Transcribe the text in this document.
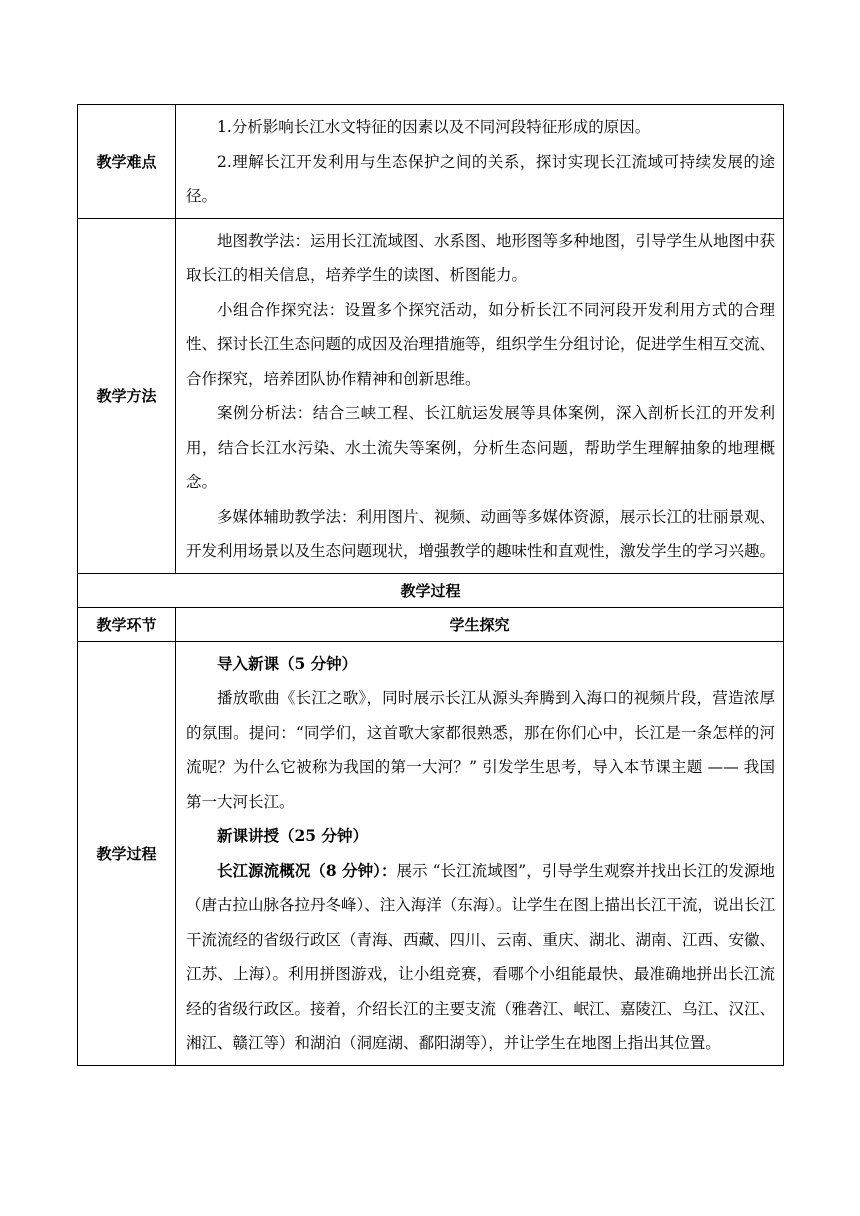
教学难点	1.分析影响长江水文特征的因素以及不同河段特征形成的原因。

2.理解长江开发利用与生态保护之间的关系，探讨实现长江流域可持续发展的途径。

教学方法	地图教学法：运用长江流域图、水系图、地形图等多种地图，引导学生从地图中获取长江的相关信息，培养学生的读图、析图能力。

小组合作探究法：设置多个探究活动，如分析长江不同河段开发利用方式的合理性、探讨长江生态问题的成因及治理措施等，组织学生分组讨论，促进学生相互交流、合作探究，培养团队协作精神和创新思维。

案例分析法：结合三峡工程、长江航运发展等具体案例，深入剖析长江的开发利用，结合长江水污染、水土流失等案例，分析生态问题，帮助学生理解抽象的地理概念。

多媒体辅助教学法：利用图片、视频、动画等多媒体资源，展示长江的壮丽景观、开发利用场景以及生态问题现状，增强教学的趣味性和直观性，激发学生的学习兴趣。

教学过程	
教学环节	学生探究
教学过程	导入新课（5 分钟）

播放歌曲《长江之歌》，同时展示长江从源头奔腾到入海口的视频片段，营造浓厚的氛围。提问：“同学们，这首歌大家都很熟悉，那在你们心中，长江是一条怎样的河流呢？为什么它被称为我国的第一大河？” 引发学生思考，导入本节课主题 —— 我国第一大河长江。

新课讲授（25 分钟）

长江源流概况（8 分钟）：展示 “长江流域图”，引导学生观察并找出长江的发源地（唐古拉山脉各拉丹冬峰）、注入海洋（东海）。让学生在图上描出长江干流，说出长江干流流经的省级行政区（青海、西藏、四川、云南、重庆、湖北、湖南、江西、安徽、江苏、上海）。利用拼图游戏，让小组竞赛，看哪个小组能最快、最准确地拼出长江流经的省级行政区。接着，介绍长江的主要支流（雅砻江、岷江、嘉陵江、乌江、汉江、湘江、赣江等）和湖泊（洞庭湖、鄱阳湖等），并让学生在地图上指出其位置。
